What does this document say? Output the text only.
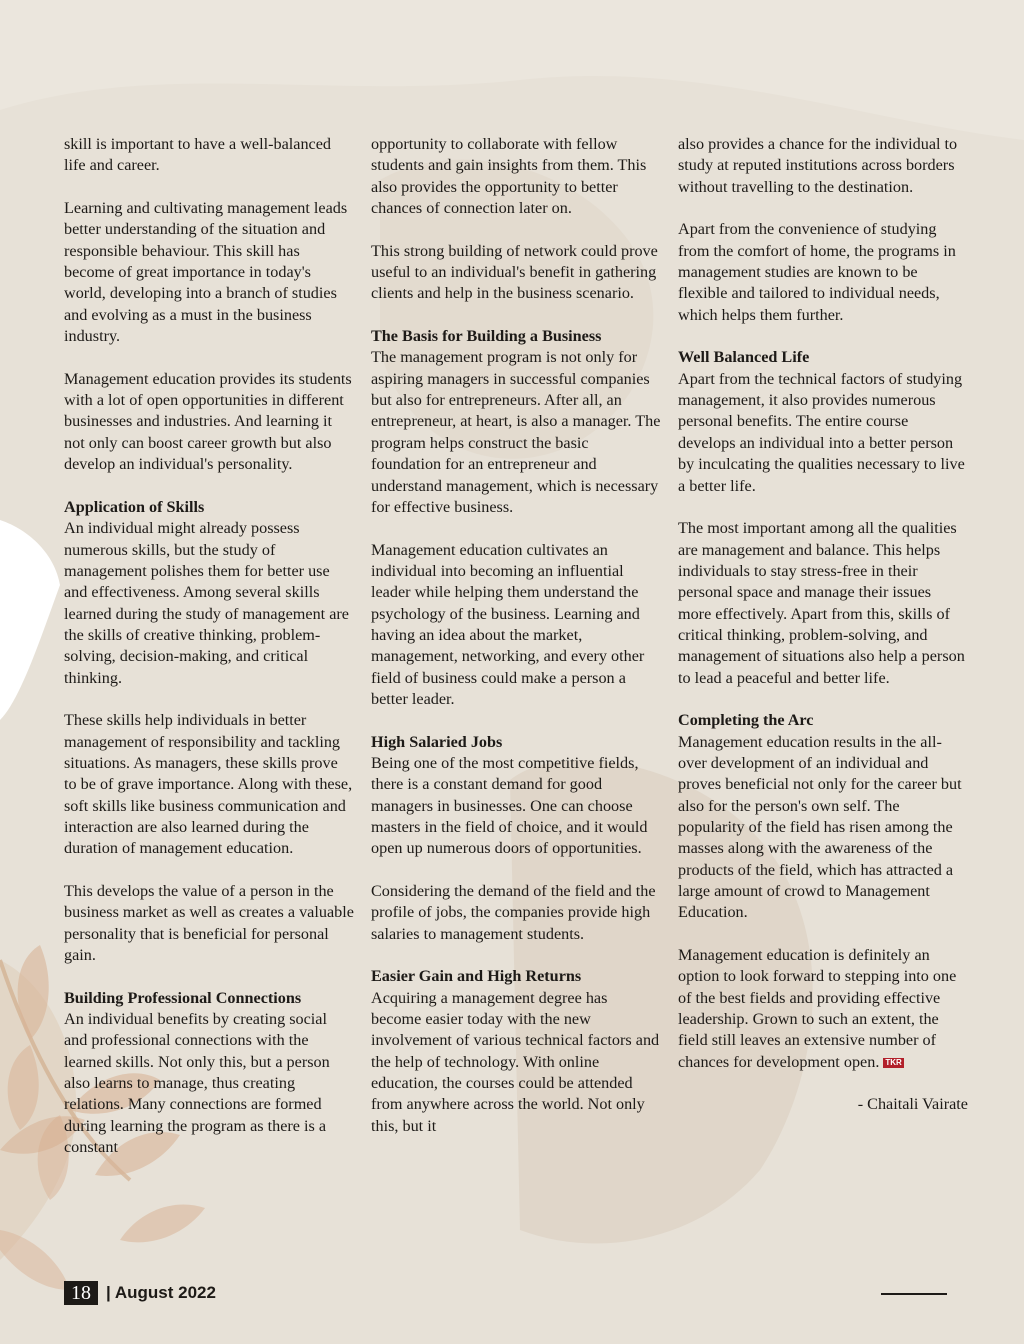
skill is important to have a well-balanced life and career.

Learning and cultivating management leads better understanding of the situation and responsible behaviour. This skill has become of great importance in today's world, developing into a branch of studies and evolving as a must in the business industry.

Management education provides its students with a lot of open opportunities in different businesses and industries. And learning it not only can boost career growth but also develop an individual's personality.

Application of Skills

An individual might already possess numerous skills, but the study of management polishes them for better use and effectiveness. Among several skills learned during the study of management are the skills of creative thinking, problem-solving, decision-making, and critical thinking.

These skills help individuals in better management of responsibility and tackling situations. As managers, these skills prove to be of grave importance. Along with these, soft skills like business communication and interaction are also learned during the duration of management education.

This develops the value of a person in the business market as well as creates a valuable personality that is beneficial for personal gain.

Building Professional Connections

An individual benefits by creating social and professional connections with the learned skills. Not only this, but a person also learns to manage, thus creating relations. Many connections are formed during learning the program as there is a constant

opportunity to collaborate with fellow students and gain insights from them. This also provides the opportunity to better chances of connection later on.

This strong building of network could prove useful to an individual's benefit in gathering clients and help in the business scenario.

The Basis for Building a Business

The management program is not only for aspiring managers in successful companies but also for entrepreneurs. After all, an entrepreneur, at heart, is also a manager. The program helps construct the basic foundation for an entrepreneur and understand management, which is necessary for effective business.

Management education cultivates an individual into becoming an influential leader while helping them understand the psychology of the business. Learning and having an idea about the market, management, networking, and every other field of business could make a person a better leader.

High Salaried Jobs

Being one of the most competitive fields, there is a constant demand for good managers in businesses. One can choose masters in the field of choice, and it would open up numerous doors of opportunities.

Considering the demand of the field and the profile of jobs, the companies provide high salaries to management students.

Easier Gain and High Returns

Acquiring a management degree has become easier today with the new involvement of various technical factors and the help of technology. With online education, the courses could be attended from anywhere across the world. Not only this, but it

also provides a chance for the individual to study at reputed institutions across borders without travelling to the destination.

Apart from the convenience of studying from the comfort of home, the programs in management studies are known to be flexible and tailored to individual needs, which helps them further.

Well Balanced Life

Apart from the technical factors of studying management, it also provides numerous personal benefits. The entire course develops an individual into a better person by inculcating the qualities necessary to live a better life.

The most important among all the qualities are management and balance. This helps individuals to stay stress-free in their personal space and manage their issues more effectively. Apart from this, skills of critical thinking, problem-solving, and management of situations also help a person to lead a peaceful and better life.

Completing the Arc

Management education results in the all-over development of an individual and proves beneficial not only for the career but also for the person's own self. The popularity of the field has risen among the masses along with the awareness of the products of the field, which has attracted a large amount of crowd to Management Education.

Management education is definitely an option to look forward to stepping into one of the best fields and providing effective leadership. Grown to such an extent, the field still leaves an extensive number of chances for development open. TKR

- Chaitali Vairate

18 | August 2022
